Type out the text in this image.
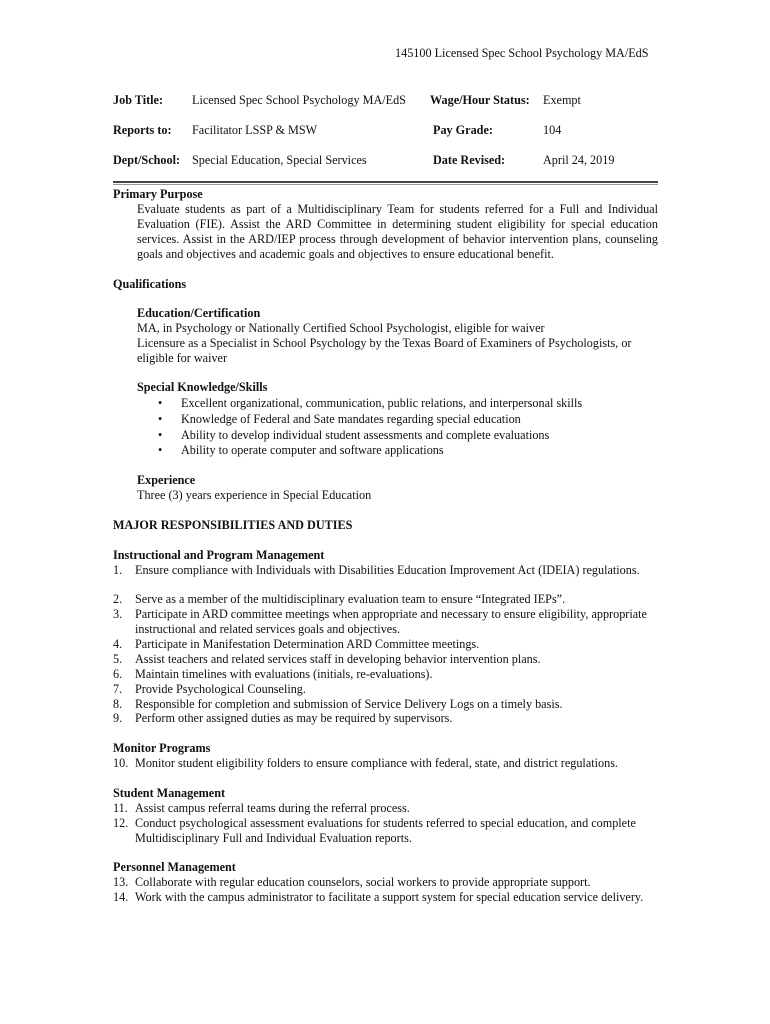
145100 Licensed Spec School Psychology MA/EdS
Job Title: Licensed Spec School Psychology MA/EdS Wage/Hour Status: Exempt
Reports to: Facilitator LSSP & MSW	Pay Grade:	104
Dept/School: Special Education, Special Services	Date Revised:	April 24, 2019
Primary Purpose
Evaluate students as part of a Multidisciplinary Team for students referred for a Full and Individual Evaluation (FIE). Assist the ARD Committee in determining student eligibility for special education services. Assist in the ARD/IEP process through development of behavior intervention plans, counseling goals and objectives and academic goals and objectives to ensure educational benefit.
Qualifications
Education/Certification
MA, in Psychology or Nationally Certified School Psychologist, eligible for waiver
Licensure as a Specialist in School Psychology by the Texas Board of Examiners of Psychologists, or eligible for waiver
Special Knowledge/Skills
• Excellent organizational, communication, public relations, and interpersonal skills
• Knowledge of Federal and Sate mandates regarding special education
• Ability to develop individual student assessments and complete evaluations
• Ability to operate computer and software applications
Experience
Three (3) years experience in Special Education
MAJOR RESPONSIBILITIES AND DUTIES
Instructional and Program Management
1.	Ensure compliance with Individuals with Disabilities Education Improvement Act (IDEIA) regulations.
2.	Serve as a member of the multidisciplinary evaluation team to ensure “Integrated IEPs”.
3.	Participate in ARD committee meetings when appropriate and necessary to ensure eligibility, appropriate instructional and related services goals and objectives.
4.	Participate in Manifestation Determination ARD Committee meetings.
5.	Assist teachers and related services staff in developing behavior intervention plans.
6.	Maintain timelines with evaluations (initials, re-evaluations).
7.	Provide Psychological Counseling.
8.	Responsible for completion and submission of Service Delivery Logs on a timely basis.
9.	Perform other assigned duties as may be required by supervisors.
Monitor Programs
10. Monitor student eligibility folders to ensure compliance with federal, state, and district regulations.
Student Management
11. Assist campus referral teams during the referral process.
12. Conduct psychological assessment evaluations for students referred to special education, and complete Multidisciplinary Full and Individual Evaluation reports.
Personnel Management
13. Collaborate with regular education counselors, social workers to provide appropriate support.
14. Work with the campus administrator to facilitate a support system for special education service delivery.
